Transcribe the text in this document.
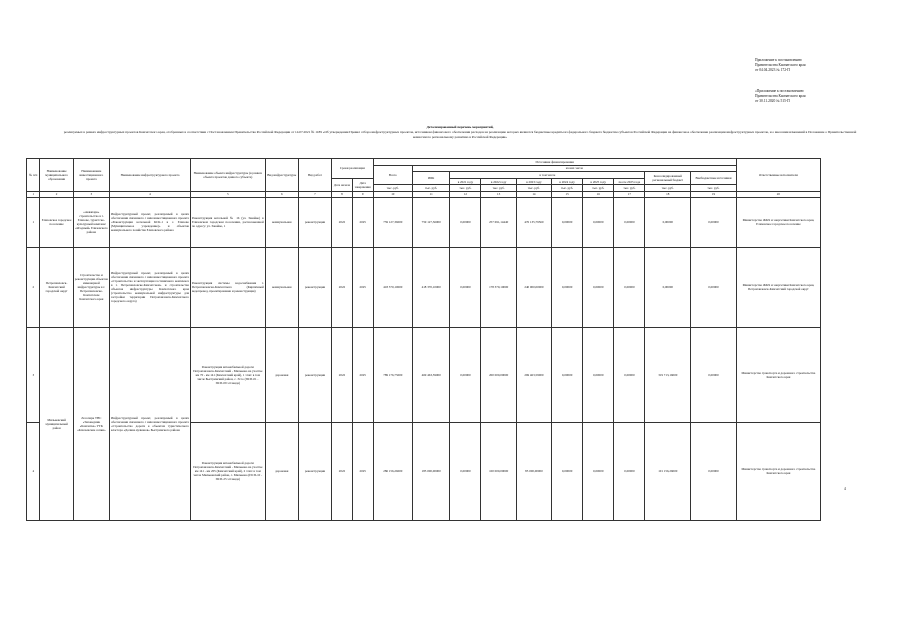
Приложение к постановлению
Правительства Камчатского края
от 04.04.2023 № 172-П
«Приложение к постановлению
Правительства Камчатского края
от 30.11.2020 № 515-П
Детализированный перечень мероприятий,
реализуемых в рамках инфраструктурных проектов Камчатского края, отобранных в соответствии с Постановлением Правительства Российской Федерации от 14.07.2021 № 1189 «Об утверждении Правил отбора инфраструктурных проектов, источником финансового обеспечения расходов на реализацию которых являются бюджетные кредиты из федерального бюджета бюджетам субъектов Российской Федерации на финансовое обеспечение реализации инфраструктурных проектов, и о внесении изменений в Положение о Правительственной комиссии по региональному развитию в Российской Федерации»
№ п/п	Наименование муниципального образования	Наименование инвестиционного проекта	Наименование инфраструктурного проекта	Наименование объекта инфраструктуры (в рамках объекта проектов данного субъекта)	Вид инфраструктуры	Вид работ	Сроки реализации		Источники финансирования										Ответственные исполнители
									Всего	из них числе									
										ИБК	в том числе						Консолидированный региональный бюджет	Внебюджетные источники	
							Дата начала	Дата завершения			в 2021 году	в 2022 году	в 2023 году	в 2024 году	в 2025 году	после 2025 года			
									тыс. руб.	тыс. руб.	тыс. руб.	тыс. руб.	тыс. руб.	тыс. руб.	тыс. руб.	тыс. руб.	тыс. руб.	тыс. руб.	
1	2	3	4	5	6	7	8	9	10	11	12	13	14	15	16	17	18	19	20
1	Елизовское городское поселение	«Аквапарк» строительство в г. Елизове, туристско-культурный комплекс «Ягодный» Елизовского района	Инфраструктурный проект, реализуемый в целях обеспечения связанного с ним инвестиционного проекта «Реконструкция котельной КСК-1 в с. Елизово (Муниципальное учреждение)» и объектов коммунального хозяйства Елизовского района	Реконструкция котельной № 16 (ул. Завойко) в Елизовском городском поселении, расположенной по адресу: ул. Завойко, 1	коммунальная	реконструкция	2022	2025	759 127,36000	759 127,36000	0,00000	257 691,14440	476 135,79560	0,00000	0,00000	0,00000	0,00000	0,00000	Министерство ЖКХ и энергетики Камчатского края, Елизовское городское поселение
2	Петропавловск-Камчатский городской округ	Строительство и реконструкция объектов инженерной инфраструктуры в г. Петропавловске-Камчатском Камчатского края	Инфраструктурный проект, реализуемый в целях обеспечения связанного с ним инвестиционного проекта «Строительство и эксплуатация гостиничного комплекса в г. Петропавловске-Камчатском» и строительства объектов инфраструктуры Камчатского края (строительство коммунальной инфраструктуры для застройки территории Петропавловск-Камчатского городского округа)	Реконструкция системы водоснабжения г. Петропавловска-Камчатского (Кирпичный водопровод, проектирование и реконструкция)	коммунальная	реконструкция	2022	2025	418 370,10000	418 370,10000	0,00000	178 370,10000	240 000,00000	0,00000	0,00000	0,00000	0,00000	0,00000	Министерство ЖКХ и энергетики Камчатского края, Петропавловск-Камчатский городской округ
3	Мильковский муниципальный район	Лесопарк ТНС «Заповедник «Камчатка» УТК «Ключевские сопки»	Инфраструктурный проект, реализуемый в целях обеспечения связанного с ним инвестиционного проекта «Строительство дороги к объектам туристического кластера «Долина вулканов» Быстринского района	Реконструкция автомобильной дороги Петропавловск-Камчатский - Мильково на участке км 70 - км 141 (Камчатский край), 1 этап: в том числе Быстринский район, с. Эссо (ПСП-01 - ПСП-09 эстакада)	дорожная	реконструкция	2022	2025	789 176,75000	469 463,59000	0,00000	200 000,00000	269 463,59000	0,00000	0,00000	0,00000	319 713,16000	0,00000	Министерство транспорта и дорожного строительства Камчатского края
4				Реконструкция автомобильной дороги Петропавловск-Камчатский - Мильково на участке км 141 - км 205 (Камчатский край), 2 этап: в том числе Мильковский район, с. Мильково (ПСП-10 - ПСП-25 эстакада)	дорожная	реконструкция	2022	2025	286 156,26000	185 000,00000	0,00000	100 000,00000	85 000,00000	0,00000	0,00000	0,00000	101 156,26000	0,00000	Министерство транспорта и дорожного строительства Камчатского края
4
